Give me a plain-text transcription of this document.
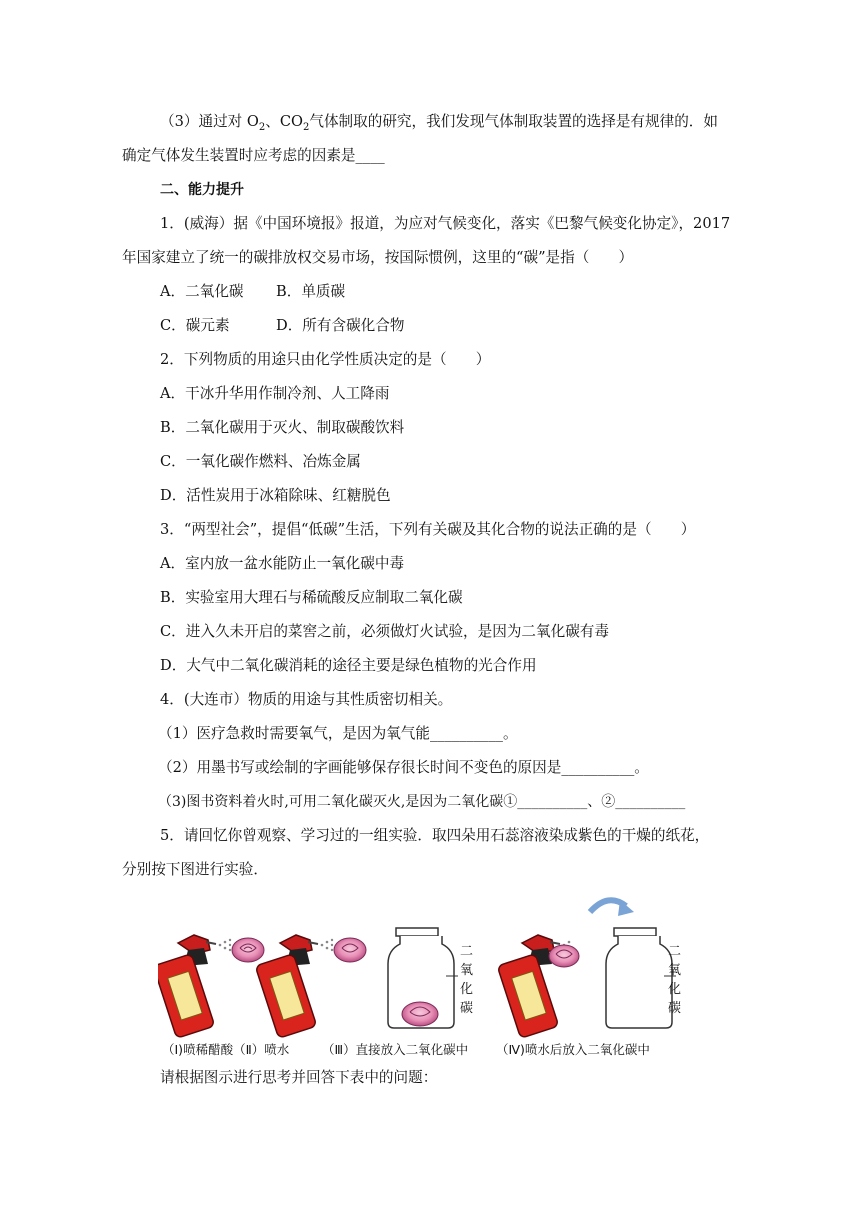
（3）通过对 $O_2$、$CO_2$气体制取的研究，我们发现气体制取装置的选择是有规律的．如
确定气体发生装置时应考虑的因素是____
二、能力提升
1．(威海）据《中国环境报》报道，为应对气候变化，落实《巴黎气候变化协定》，2017
年国家建立了统一的碳排放权交易市场，按国际惯例，这里的“碳”是指（　　）
A．二氧化碳 B．单质碳
C．碳元素	D．所有含碳化合物
2．下列物质的用途只由化学性质决定的是（　　）
A．干冰升华用作制冷剂、人工降雨
B．二氧化碳用于灭火、制取碳酸饮料
C．一氧化碳作燃料、冶炼金属
D．活性炭用于冰箱除味、红糖脱色
3．“两型社会”，提倡“低碳”生活，下列有关碳及其化合物的说法正确的是（　　）
A．室内放一盆水能防止一氧化碳中毒
B．实验室用大理石与稀硫酸反应制取二氧化碳
C．进入久未开启的菜窖之前，必须做灯火试验，是因为二氧化碳有毒
D．大气中二氧化碳消耗的途径主要是绿色植物的光合作用
4．(大连市）物质的用途与其性质密切相关。
（1）医疗急救时需要氧气，是因为氧气能__________。
（2）用墨书写或绘制的字画能够保存很长时间不变色的原因是__________。
（3)图书资料着火时,可用二氧化碳灭火,是因为二氧化碳①__________、②__________
5．请回忆你曾观察、学习过的一组实验．取四朵用石蕊溶液染成紫色的干燥的纸花，
分别按下图进行实验．
二
氧
化
碳
二
氧
化
碳
（Ⅰ)喷稀醋酸（Ⅱ）喷水	（Ⅲ）直接放入二氧化碳中 （Ⅳ)喷水后放入二氧化碳中
请根据图示进行思考并回答下表中的问题：
